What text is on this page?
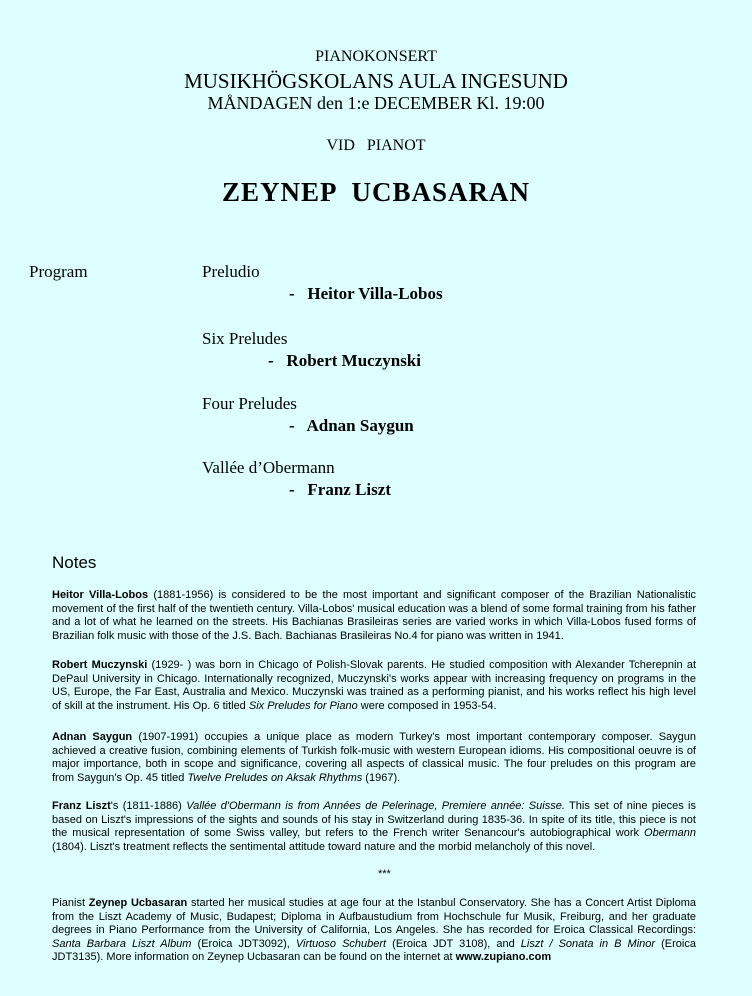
PIANOKONSERT
MUSIKHÖGSKOLANS AULA INGESUND
MÅNDAGEN den 1:e DECEMBER Kl. 19:00
VID   PIANOT
ZEYNEP  UCBASARAN
Program	Preludio
-   Heitor Villa-Lobos
Six Preludes
-   Robert Muczynski
Four Preludes
-   Adnan Saygun
Vallée d’Obermann
-   Franz Liszt
Notes
Heitor Villa-Lobos (1881-1956) is considered to be the most important and significant composer of the Brazilian Nationalistic movement of the first half of the twentieth century. Villa-Lobos' musical education was a blend of some formal training from his father and a lot of what he learned on the streets. His Bachianas Brasileiras series are varied works in which Villa-Lobos fused forms of Brazilian folk music with those of the J.S. Bach. Bachianas Brasileiras No.4 for piano was written in 1941.
Robert Muczynski (1929- ) was born in Chicago of Polish-Slovak parents. He studied composition with Alexander Tcherepnin at DePaul University in Chicago. Internationally recognized, Muczynski's works appear with increasing frequency on programs in the US, Europe, the Far East, Australia and Mexico. Muczynski was trained as a performing pianist, and his works reflect his high level of skill at the instrument. His Op. 6 titled Six Preludes for Piano were composed in 1953-54.
Adnan Saygun (1907-1991) occupies a unique place as modern Turkey's most important contemporary composer. Saygun achieved a creative fusion, combining elements of Turkish folk-music with western European idioms. His compositional oeuvre is of major importance, both in scope and significance, covering all aspects of classical music. The four preludes on this program are from Saygun's Op. 45 titled Twelve Preludes on Aksak Rhythms (1967).
Franz Liszt's (1811-1886) Vallée d'Obermann is from Années de Pelerinage, Premiere année: Suisse. This set of nine pieces is based on Liszt's impressions of the sights and sounds of his stay in Switzerland during 1835-36. In spite of its title, this piece is not the musical representation of some Swiss valley, but refers to the French writer Senancour's autobiographical work Obermann (1804). Liszt's treatment reflects the sentimental attitude toward nature and the morbid melancholy of this novel.
***
Pianist Zeynep Ucbasaran started her musical studies at age four at the Istanbul Conservatory. She has a Concert Artist Diploma from the Liszt Academy of Music, Budapest; Diploma in Aufbaustudium from Hochschule fur Musik, Freiburg, and her graduate degrees in Piano Performance from the University of California, Los Angeles. She has recorded for Eroica Classical Recordings: Santa Barbara Liszt Album (Eroica JDT3092), Virtuoso Schubert (Eroica JDT 3108), and Liszt / Sonata in B Minor (Eroica JDT3135). More information on Zeynep Ucbasaran can be found on the internet at www.zupiano.com
